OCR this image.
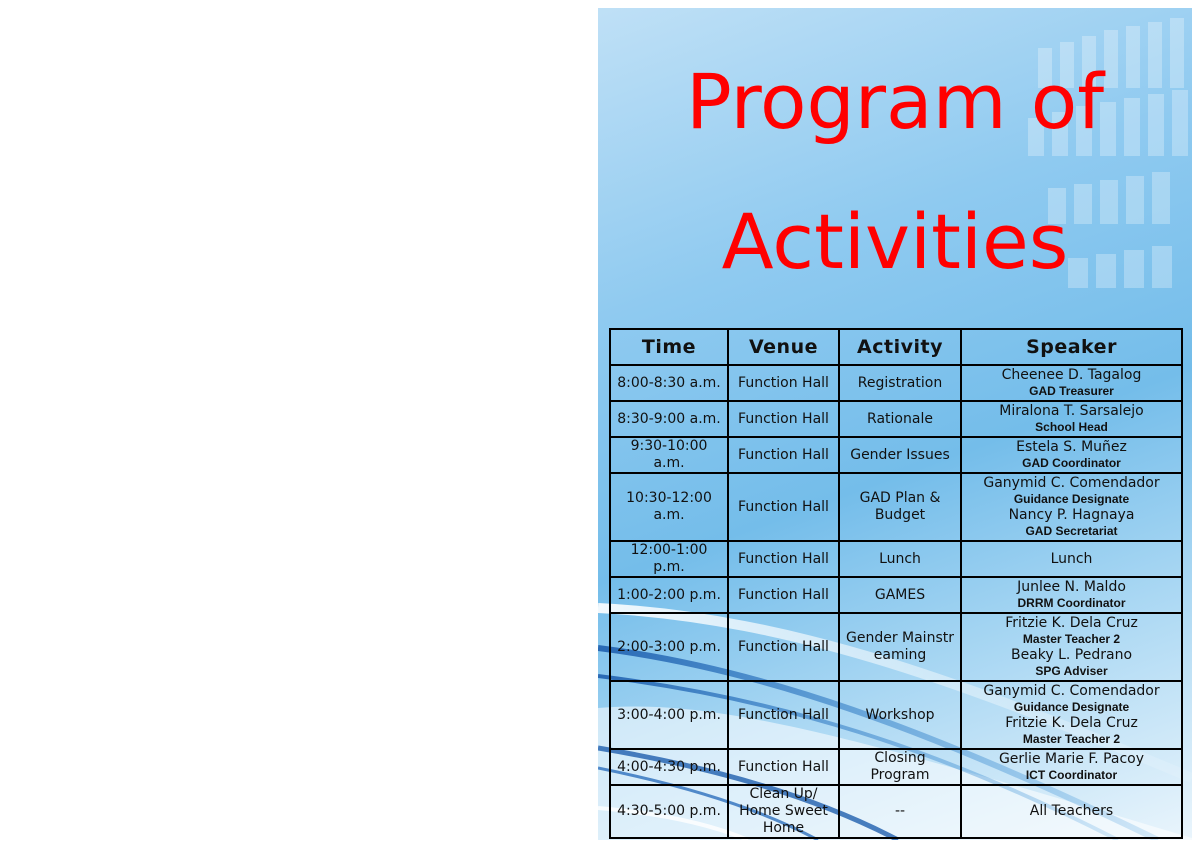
Program of
Activities
Time	Venue	Activity	Speaker
8:00-8:30 a.m.	Function Hall	Registration	Cheenee D. Tagalog
GAD Treasurer

8:30-9:00 a.m.	Function Hall	Rationale	Miralona T. Sarsalejo
School Head

9:30-10:00 a.m.	Function Hall	Gender Issues	Estela S. Muñez
GAD Coordinator

10:30-12:00 a.m.	Function Hall	GAD Plan & Budget	Ganymid C. Comendador
Guidance Designate
Nancy P. Hagnaya
GAD Secretariat

12:00-1:00 p.m.	Function Hall	Lunch	Lunch

1:00-2:00 p.m.	Function Hall	GAMES	Junlee N. Maldo
DRRM Coordinator

2:00-3:00 p.m.	Function Hall	Gender Mainstreaming	Fritzie K. Dela Cruz
Master Teacher 2
Beaky L. Pedrano
SPG Adviser

3:00-4:00 p.m.	Function Hall	Workshop	Ganymid C. Comendador
Guidance Designate
Fritzie K. Dela Cruz
Master Teacher 2

4:00-4:30 p.m.	Function Hall	Closing Program	Gerlie Marie F. Pacoy
ICT Coordinator

4:30-5:00 p.m.	Clean Up/ Home Sweet Home	--	All Teachers
